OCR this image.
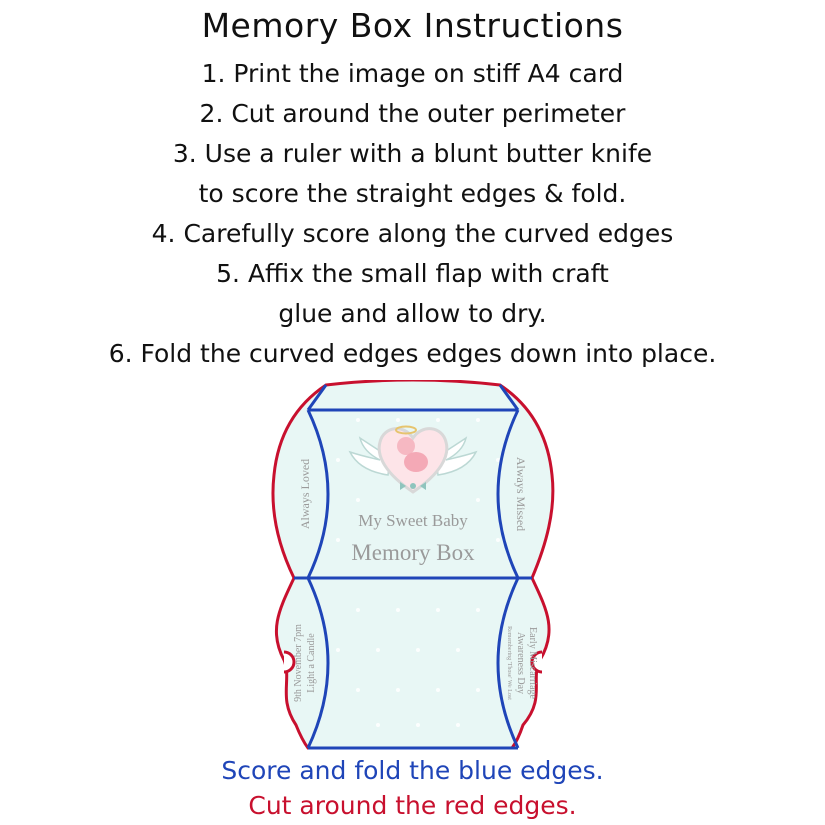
Memory Box Instructions
1. Print the image on stiff A4 card
2. Cut around the outer perimeter
3. Use a ruler with a blunt butter knife
to score the straight edges & fold.
4. Carefully score along the curved edges
5. Affix the small flap with craft
glue and allow to dry.
6. Fold the curved edges edges down into place.
My Sweet Baby
Memory Box
Always Loved	Always Missed
9th November 7pm Light a Candle	Early Miscarriage
Awareness Day
Remembering 'Those' We Lost
Score and fold the blue edges.
Cut around the red edges.
